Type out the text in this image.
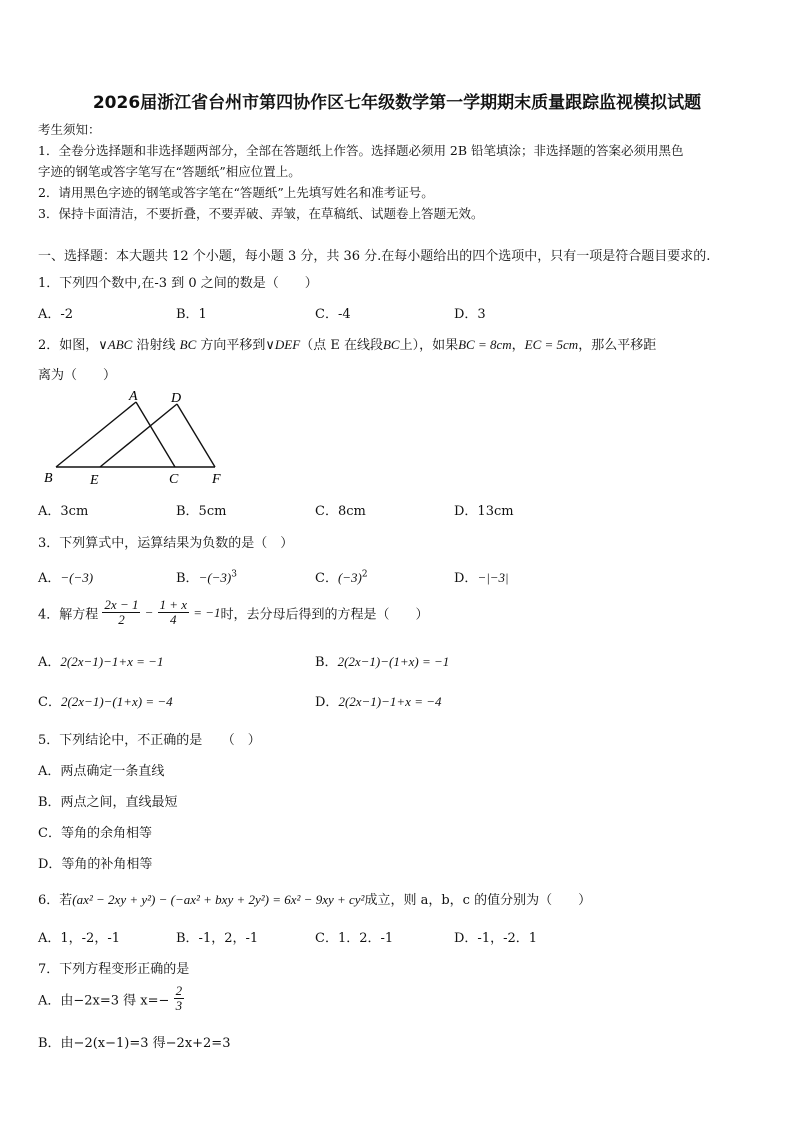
2026届浙江省台州市第四协作区七年级数学第一学期期末质量跟踪监视模拟试题
考生须知：
1．全卷分选择题和非选择题两部分，全部在答题纸上作答。选择题必须用 2B 铅笔填涂；非选择题的答案必须用黑色
字迹的钢笔或答字笔写在“答题纸”相应位置上。
2．请用黑色字迹的钢笔或答字笔在“答题纸”上先填写姓名和准考证号。
3．保持卡面清洁，不要折叠，不要弄破、弄皱，在草稿纸、试题卷上答题无效。
一、选择题：本大题共 12 个小题，每小题 3 分，共 36 分.在每小题给出的四个选项中，只有一项是符合题目要求的.
1．下列四个数中,在-3 到 0 之间的数是（　　）
A．-2	B．1	C．-4	D．3
2．如图，∨ABC 沿射线 BC 方向平移到∨DEF（点 E 在线段BC上），如果BC = 8cm，EC = 5cm，那么平移距
离为（　　）
A D
B	E	C F
A．3cm	B．5cm	C．8cm	D．13cm
3．下列算式中，运算结果为负数的是（　）
A．−(−3)	B．$-(-3)^3$	C．$(-3)^2$	D．−|−3|
4．解方程 $\frac{2x - 1}{2} - \frac{1 + x}{4} = -1$时，去分母后得到的方程是（　　）
A．2(2x−1)−1+x = −1	B．2(2x−1)−(1+x) = −1
C．2(2x−1)−(1+x) = −4	D．2(2x−1)−1+x = −4
5．下列结论中，不正确的是　　（　）
A．两点确定一条直线
B．两点之间，直线最短
C．等角的余角相等
D．等角的补角相等
6．若(ax² − 2xy + y²) − (−ax² + bxy + 2y²) = 6x² − 9xy + cy²成立，则 a，b，c 的值分别为（　　）
A．1，-2，-1	B．-1，2，-1	C．1．2．-1	D．-1，-2．1
7．下列方程变形正确的是
A．由−2x=3 得 $x=- \frac{2}{3}$
B．由−2(x−1)=3 得−2x+2=3
